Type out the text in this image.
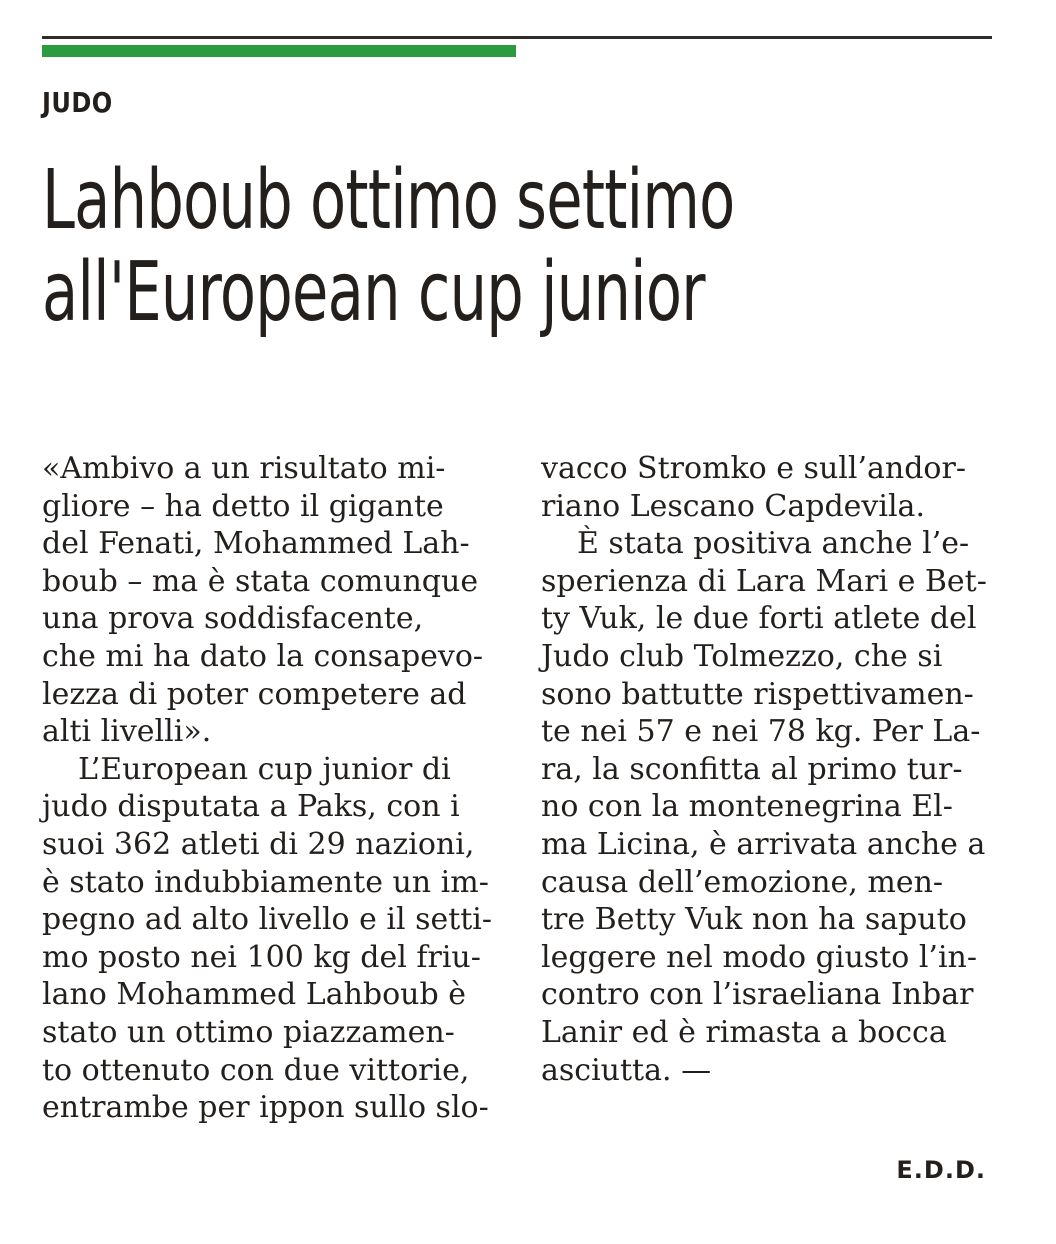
JUDO
Lahboub ottimo settimo
all'European cup junior
«Ambivo a un risultato mi-
gliore – ha detto il gigante
del Fenati, Mohammed Lah-
boub – ma è stata comunque
una prova soddisfacente,
che mi ha dato la consapevo-
lezza di poter competere ad
alti livelli».
L’European cup junior di
judo disputata a Paks, con i
suoi 362 atleti di 29 nazioni,
è stato indubbiamente un im-
pegno ad alto livello e il setti-
mo posto nei 100 kg del friu-
lano Mohammed Lahboub è
stato un ottimo piazzamen-
to ottenuto con due vittorie,
entrambe per ippon sullo slo-
vacco Stromko e sull’andor-
riano Lescano Capdevila.
È stata positiva anche l’e-
sperienza di Lara Mari e Bet-
ty Vuk, le due forti atlete del
Judo club Tolmezzo, che si
sono battutte rispettivamen-
te nei 57 e nei 78 kg. Per La-
ra, la sconfitta al primo tur-
no con la montenegrina El-
ma Licina, è arrivata anche a
causa dell’emozione, men-
tre Betty Vuk non ha saputo
leggere nel modo giusto l’in-
contro con l’israeliana Inbar
Lanir ed è rimasta a bocca
asciutta. —
E.D.D.
